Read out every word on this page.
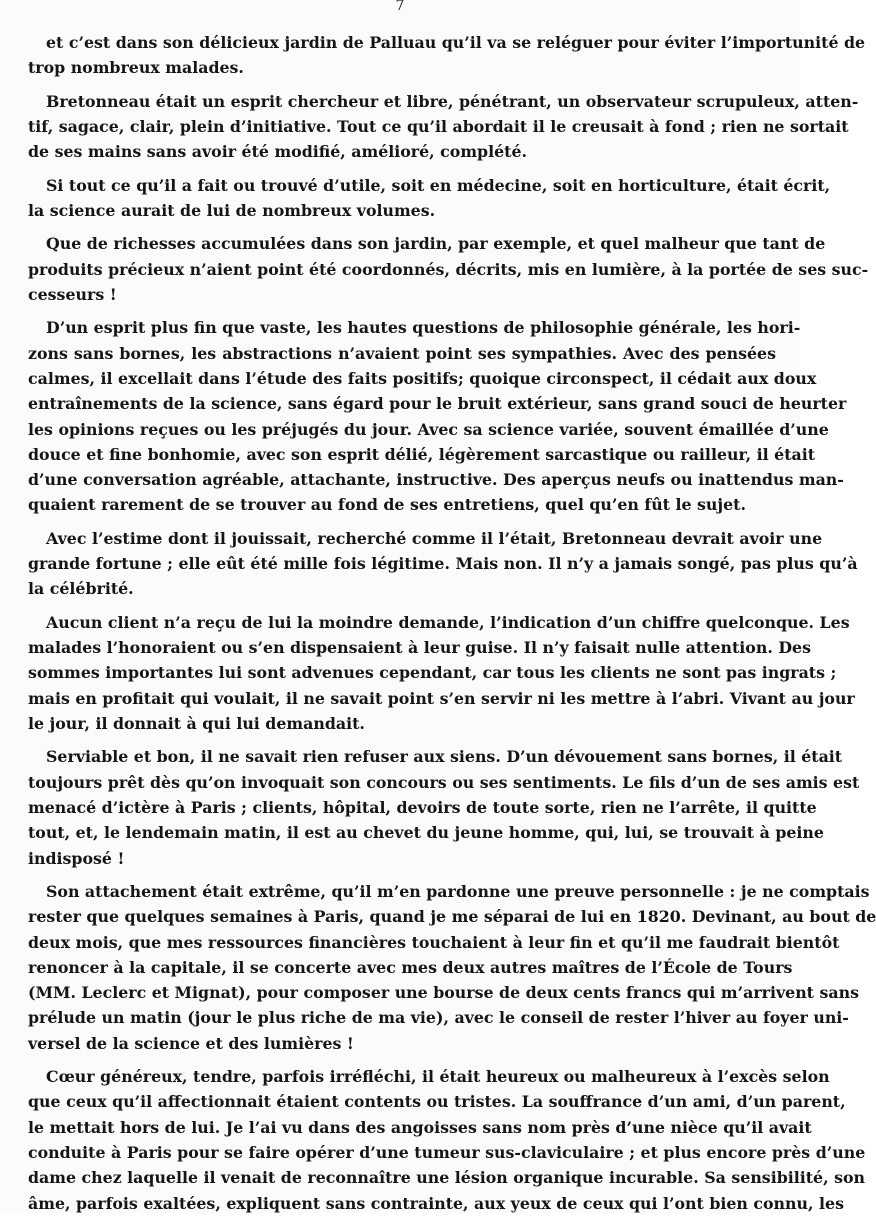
7
et c’est dans son délicieux jardin de Palluau qu’il va se reléguer pour éviter l’importunité de
trop nombreux malades.
Bretonneau était un esprit chercheur et libre, pénétrant, un observateur scrupuleux, atten-
tif, sagace, clair, plein d’initiative. Tout ce qu’il abordait il le creusait à fond ; rien ne sortait
de ses mains sans avoir été modifié, amélioré, complété.
Si tout ce qu’il a fait ou trouvé d’utile, soit en médecine, soit en horticulture, était écrit,
la science aurait de lui de nombreux volumes.
Que de richesses accumulées dans son jardin, par exemple, et quel malheur que tant de
produits précieux n’aient point été coordonnés, décrits, mis en lumière, à la portée de ses suc-
cesseurs !
D’un esprit plus fin que vaste, les hautes questions de philosophie générale, les hori-
zons sans bornes, les abstractions n’avaient point ses sympathies. Avec des pensées
calmes, il excellait dans l’étude des faits positifs; quoique circonspect, il cédait aux doux
entraînements de la science, sans égard pour le bruit extérieur, sans grand souci de heurter
les opinions reçues ou les préjugés du jour. Avec sa science variée, souvent émaillée d’une
douce et fine bonhomie, avec son esprit délié, légèrement sarcastique ou railleur, il était
d’une conversation agréable, attachante, instructive. Des aperçus neufs ou inattendus man-
quaient rarement de se trouver au fond de ses entretiens, quel qu’en fût le sujet.
Avec l’estime dont il jouissait, recherché comme il l’était, Bretonneau devrait avoir une
grande fortune ; elle eût été mille fois légitime. Mais non. Il n’y a jamais songé, pas plus qu’à
la célébrité.
Aucun client n’a reçu de lui la moindre demande, l’indication d’un chiffre quelconque. Les
malades l’honoraient ou s’en dispensaient à leur guise. Il n’y faisait nulle attention. Des
sommes importantes lui sont advenues cependant, car tous les clients ne sont pas ingrats ;
mais en profitait qui voulait, il ne savait point s’en servir ni les mettre à l’abri. Vivant au jour
le jour, il donnait à qui lui demandait.
Serviable et bon, il ne savait rien refuser aux siens. D’un dévouement sans bornes, il était
toujours prêt dès qu’on invoquait son concours ou ses sentiments. Le fils d’un de ses amis est
menacé d’ictère à Paris ; clients, hôpital, devoirs de toute sorte, rien ne l’arrête, il quitte
tout, et, le lendemain matin, il est au chevet du jeune homme, qui, lui, se trouvait à peine
indisposé !
Son attachement était extrême, qu’il m’en pardonne une preuve personnelle : je ne comptais
rester que quelques semaines à Paris, quand je me séparai de lui en 1820. Devinant, au bout de
deux mois, que mes ressources financières touchaient à leur fin et qu’il me faudrait bientôt
renoncer à la capitale, il se concerte avec mes deux autres maîtres de l’École de Tours
(MM. Leclerc et Mignat), pour composer une bourse de deux cents francs qui m’arrivent sans
prélude un matin (jour le plus riche de ma vie), avec le conseil de rester l’hiver au foyer uni-
versel de la science et des lumières !
Cœur généreux, tendre, parfois irréfléchi, il était heureux ou malheureux à l’excès selon
que ceux qu’il affectionnait étaient contents ou tristes. La souffrance d’un ami, d’un parent,
le mettait hors de lui. Je l’ai vu dans des angoisses sans nom près d’une nièce qu’il avait
conduite à Paris pour se faire opérer d’une tumeur sus-claviculaire ; et plus encore près d’une
dame chez laquelle il venait de reconnaître une lésion organique incurable. Sa sensibilité, son
âme, parfois exaltées, expliquent sans contrainte, aux yeux de ceux qui l’ont bien connu, les
